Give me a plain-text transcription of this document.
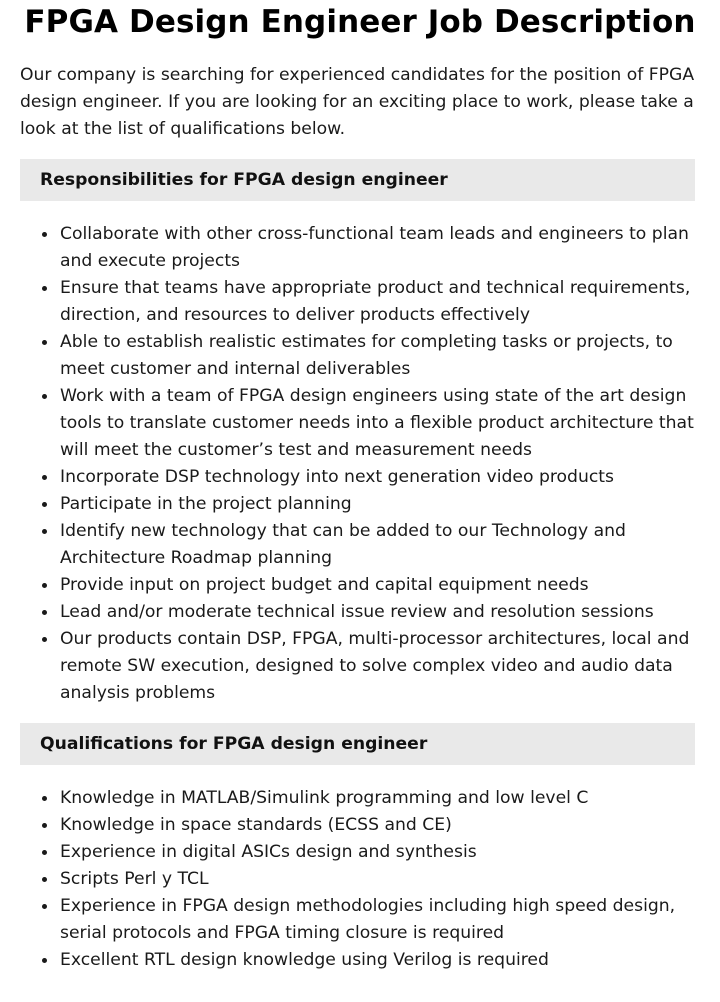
FPGA Design Engineer Job Description

Our company is searching for experienced candidates for the position of FPGA design engineer. If you are looking for an exciting place to work, please take a look at the list of qualifications below.

Responsibilities for FPGA design engineer
Collaborate with other cross-functional team leads and engineers to plan and execute projects
Ensure that teams have appropriate product and technical requirements, direction, and resources to deliver products effectively
Able to establish realistic estimates for completing tasks or projects, to meet customer and internal deliverables
Work with a team of FPGA design engineers using state of the art design tools to translate customer needs into a flexible product architecture that will meet the customer’s test and measurement needs
Incorporate DSP technology into next generation video products
Participate in the project planning
Identify new technology that can be added to our Technology and Architecture Roadmap planning
Provide input on project budget and capital equipment needs
Lead and/or moderate technical issue review and resolution sessions
Our products contain DSP, FPGA, multi-processor architectures, local and remote SW execution, designed to solve complex video and audio data analysis problems
Qualifications for FPGA design engineer
Knowledge in MATLAB/Simulink programming and low level C
Knowledge in space standards (ECSS and CE)
Experience in digital ASICs design and synthesis
Scripts Perl y TCL
Experience in FPGA design methodologies including high speed design, serial protocols and FPGA timing closure is required
Excellent RTL design knowledge using Verilog is required
